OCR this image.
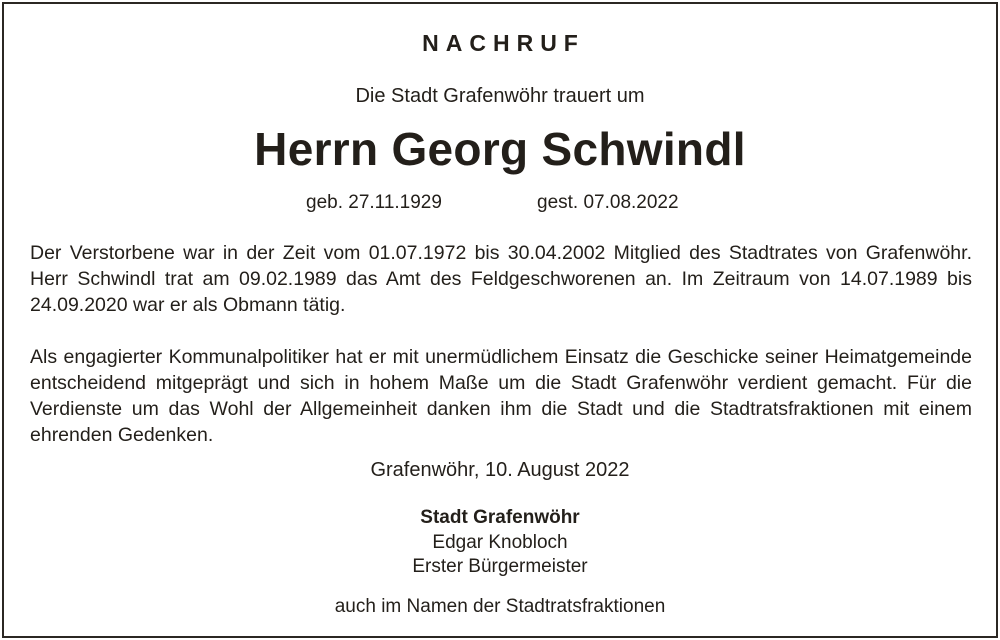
NACHRUF
Die Stadt Grafenwöhr trauert um
Herrn Georg Schwindl
geb. 27.11.1929	gest. 07.08.2022
Der Verstorbene war in der Zeit vom 01.07.1972 bis 30.04.2002 Mitglied des Stadtrates von Grafenwöhr. Herr Schwindl trat am 09.02.1989 das Amt des Feldgeschworenen an. Im Zeitraum von 14.07.1989 bis 24.09.2020 war er als Obmann tätig.
Als engagierter Kommunalpolitiker hat er mit unermüdlichem Einsatz die Geschicke seiner Heimatgemeinde entscheidend mitgeprägt und sich in hohem Maße um die Stadt Grafenwöhr verdient gemacht. Für die Verdienste um das Wohl der Allgemeinheit danken ihm die Stadt und die Stadtratsfraktionen mit einem ehrenden Gedenken.
Grafenwöhr, 10. August 2022
Stadt Grafenwöhr
Edgar Knobloch
Erster Bürgermeister
auch im Namen der Stadtratsfraktionen
